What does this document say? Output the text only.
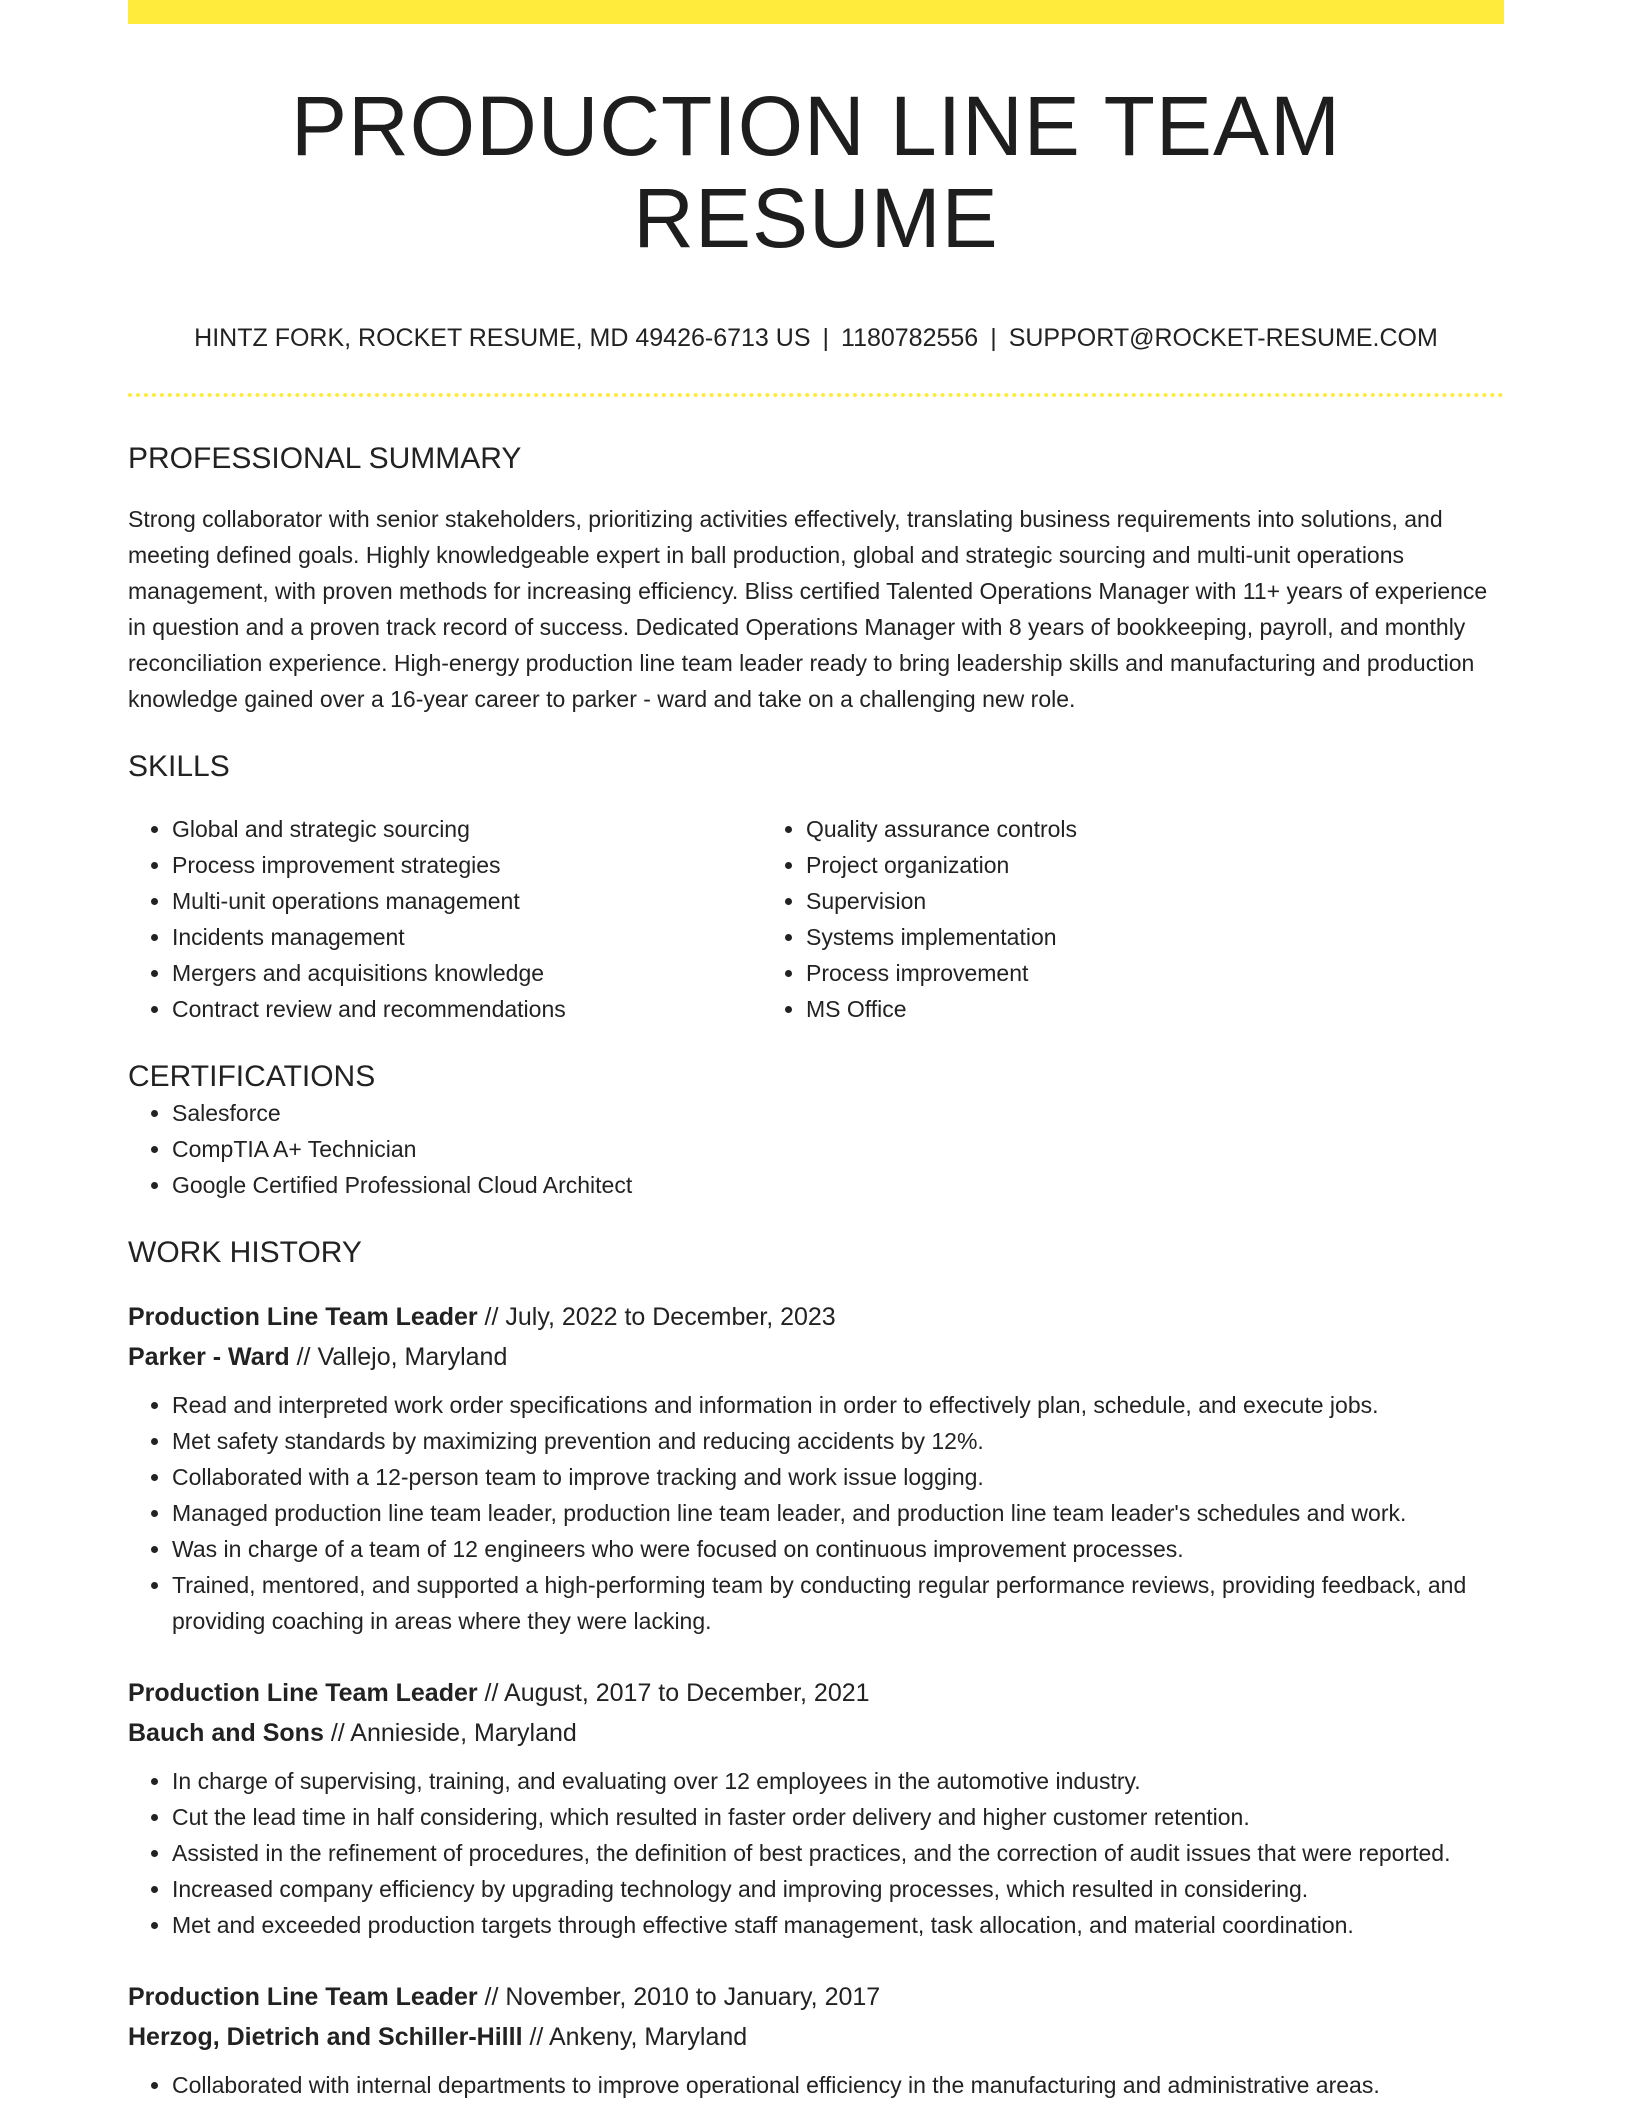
PRODUCTION LINE TEAM RESUME
HINTZ FORK, ROCKET RESUME, MD 49426-6713 US | 1180782556 | SUPPORT@ROCKET-RESUME.COM
PROFESSIONAL SUMMARY
Strong collaborator with senior stakeholders, prioritizing activities effectively, translating business requirements into solutions, and meeting defined goals. Highly knowledgeable expert in ball production, global and strategic sourcing and multi-unit operations management, with proven methods for increasing efficiency. Bliss certified Talented Operations Manager with 11+ years of experience in question and a proven track record of success. Dedicated Operations Manager with 8 years of bookkeeping, payroll, and monthly reconciliation experience. High-energy production line team leader ready to bring leadership skills and manufacturing and production knowledge gained over a 16-year career to parker - ward and take on a challenging new role.
SKILLS
• Global and strategic sourcing
• Process improvement strategies
• Multi-unit operations management
• Incidents management
• Mergers and acquisitions knowledge
• Contract review and recommendations
• Quality assurance controls
• Project organization
• Supervision
• Systems implementation
• Process improvement
• MS Office
CERTIFICATIONS
• Salesforce
• CompTIA A+ Technician
• Google Certified Professional Cloud Architect
WORK HISTORY
Production Line Team Leader // July, 2022 to December, 2023
Parker - Ward // Vallejo, Maryland
• Read and interpreted work order specifications and information in order to effectively plan, schedule, and execute jobs.
• Met safety standards by maximizing prevention and reducing accidents by 12%.
• Collaborated with a 12-person team to improve tracking and work issue logging.
• Managed production line team leader, production line team leader, and production line team leader's schedules and work.
• Was in charge of a team of 12 engineers who were focused on continuous improvement processes.
• Trained, mentored, and supported a high-performing team by conducting regular performance reviews, providing feedback, and providing coaching in areas where they were lacking.
Production Line Team Leader // August, 2017 to December, 2021
Bauch and Sons // Annieside, Maryland
• In charge of supervising, training, and evaluating over 12 employees in the automotive industry.
• Cut the lead time in half considering, which resulted in faster order delivery and higher customer retention.
• Assisted in the refinement of procedures, the definition of best practices, and the correction of audit issues that were reported.
• Increased company efficiency by upgrading technology and improving processes, which resulted in considering.
• Met and exceeded production targets through effective staff management, task allocation, and material coordination.
Production Line Team Leader // November, 2010 to January, 2017
Herzog, Dietrich and Schiller-Hilll // Ankeny, Maryland
• Collaborated with internal departments to improve operational efficiency in the manufacturing and administrative areas.
